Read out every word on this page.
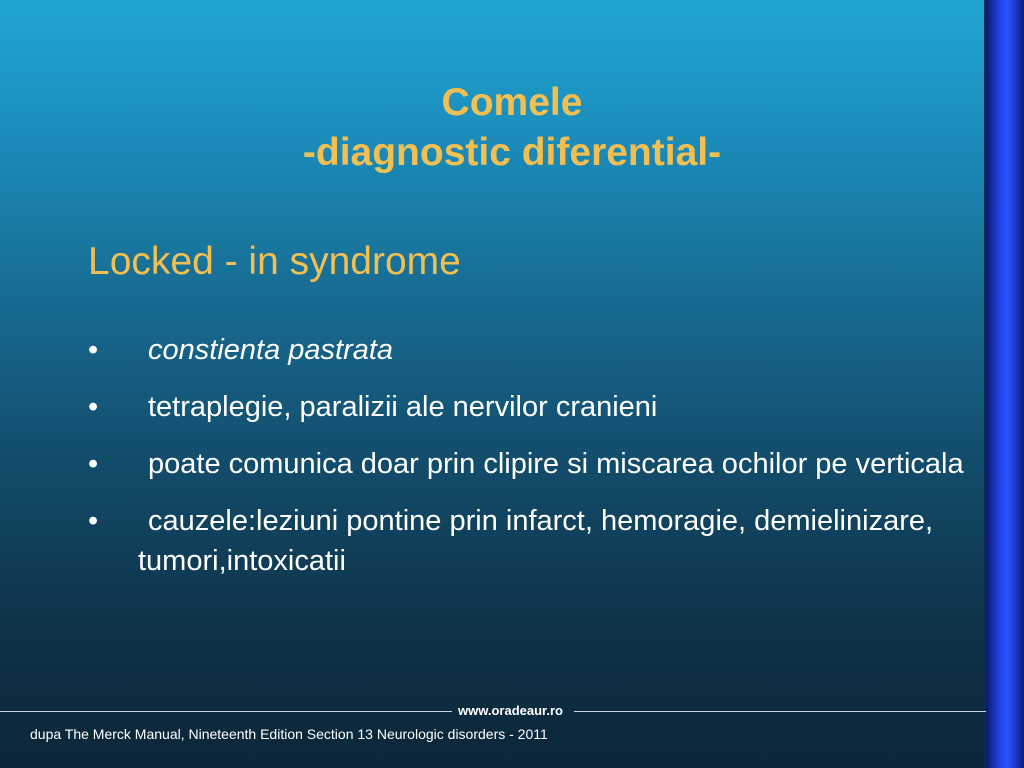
Comele
-diagnostic diferential-
Locked - in syndrome
• constienta pastrata
• tetraplegie, paralizii ale nervilor cranieni
• poate comunica doar prin clipire si miscarea ochilor pe verticala
• cauzele:leziuni pontine prin infarct, hemoragie, demielinizare, tumori,intoxicatii
www.oradeaur.ro
dupa The Merck Manual, Nineteenth Edition Section 13 Neurologic disorders - 2011
